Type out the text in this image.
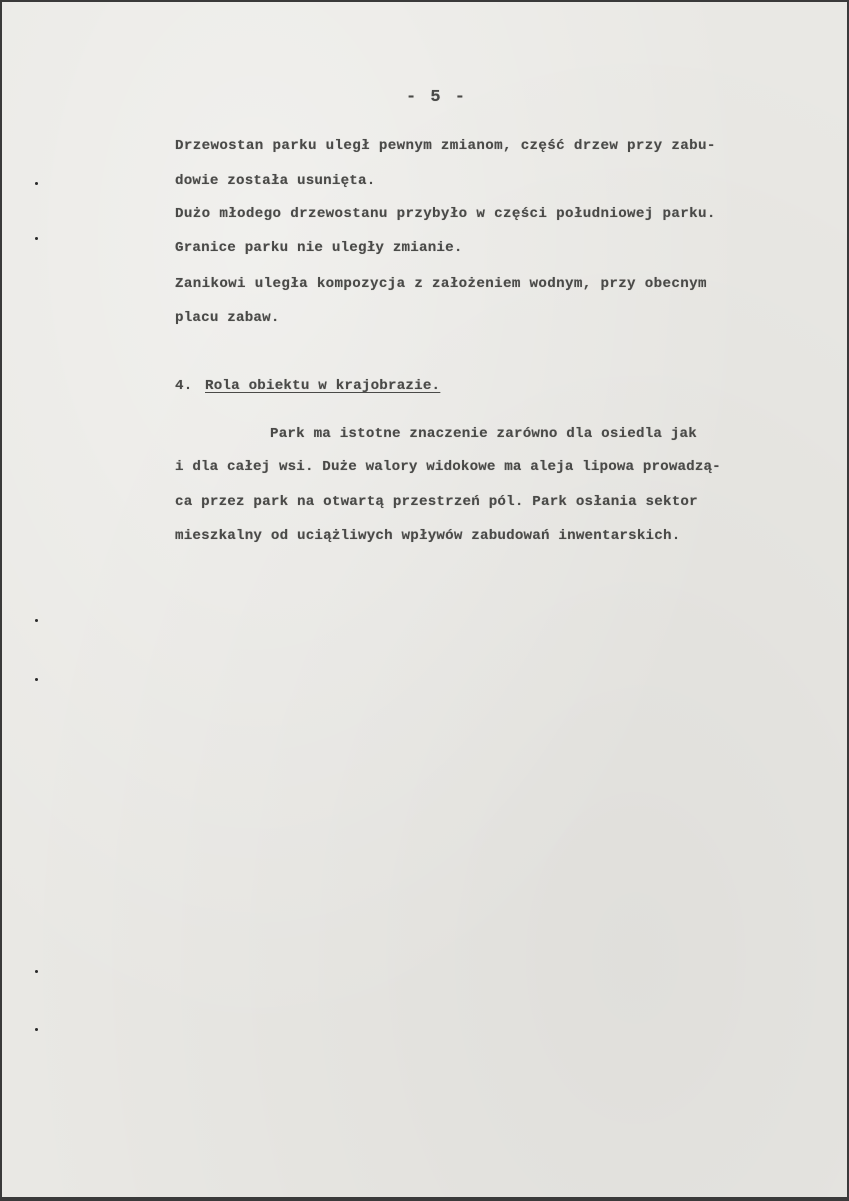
- 5 -
Drzewostan parku uległ pewnym zmianom, część drzew przy zabu-
dowie została usunięta.
Dużo młodego drzewostanu przybyło w części południowej parku.
Granice parku nie uległy zmianie.
Zanikowi uległa kompozycja z założeniem wodnym, przy obecnym
placu zabaw.
4. Rola obiektu w krajobrazie.
Park ma istotne znaczenie zarówno dla osiedla jak
i dla całej wsi. Duże walory widokowe ma aleja lipowa prowadzą-
ca przez park na otwartą przestrzeń pól. Park osłania sektor
mieszkalny od uciążliwych wpływów zabudowań inwentarskich.
